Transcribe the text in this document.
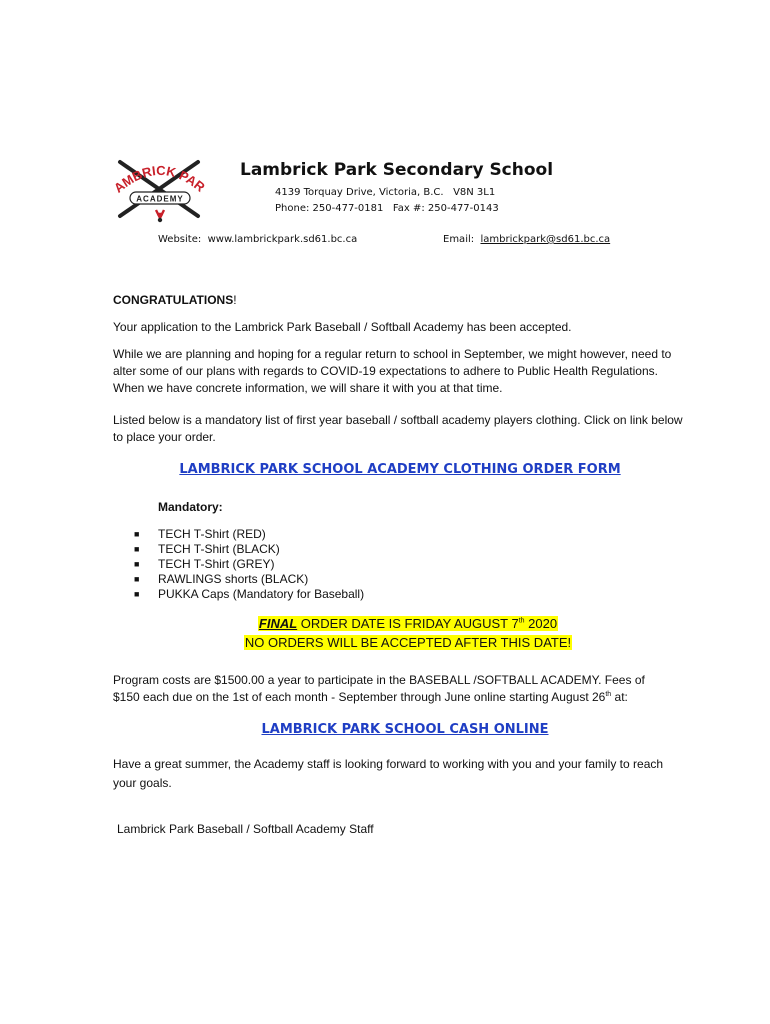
AMBRICK PAR
ACADEMY
Lambrick Park Secondary School
4139 Torquay Drive, Victoria, B.C.   V8N 3L1
Phone: 250-477-0181   Fax #: 250-477-0143
Website:  www.lambrickpark.sd61.bc.ca	Email:  lambrickpark@sd61.bc.ca
CONGRATULATIONS!
Your application to the Lambrick Park Baseball / Softball Academy has been accepted.
While we are planning and hoping for a regular return to school in September, we might however, need to alter some of our plans with regards to COVID-19 expectations to adhere to Public Health Regulations. When we have concrete information, we will share it with you at that time.
Listed below is a mandatory list of first year baseball / softball academy players clothing. Click on link below to place your order.
LAMBRICK PARK SCHOOL ACADEMY CLOTHING ORDER FORM
Mandatory:
■ TECH T-Shirt (RED)
■ TECH T-Shirt (BLACK)
■ TECH T-Shirt (GREY)
■ RAWLINGS shorts (BLACK)
■ PUKKA Caps (Mandatory for Baseball)
FINAL ORDER DATE IS FRIDAY AUGUST 7th 2020
NO ORDERS WILL BE ACCEPTED AFTER THIS DATE!
Program costs are $1500.00 a year to participate in the BASEBALL /SOFTBALL ACADEMY. Fees of
$150 each due on the 1st of each month - September through June online starting August 26th at:
LAMBRICK PARK SCHOOL CASH ONLINE
Have a great summer, the Academy staff is looking forward to working with you and your family to reach your goals.
Lambrick Park Baseball / Softball Academy Staff
